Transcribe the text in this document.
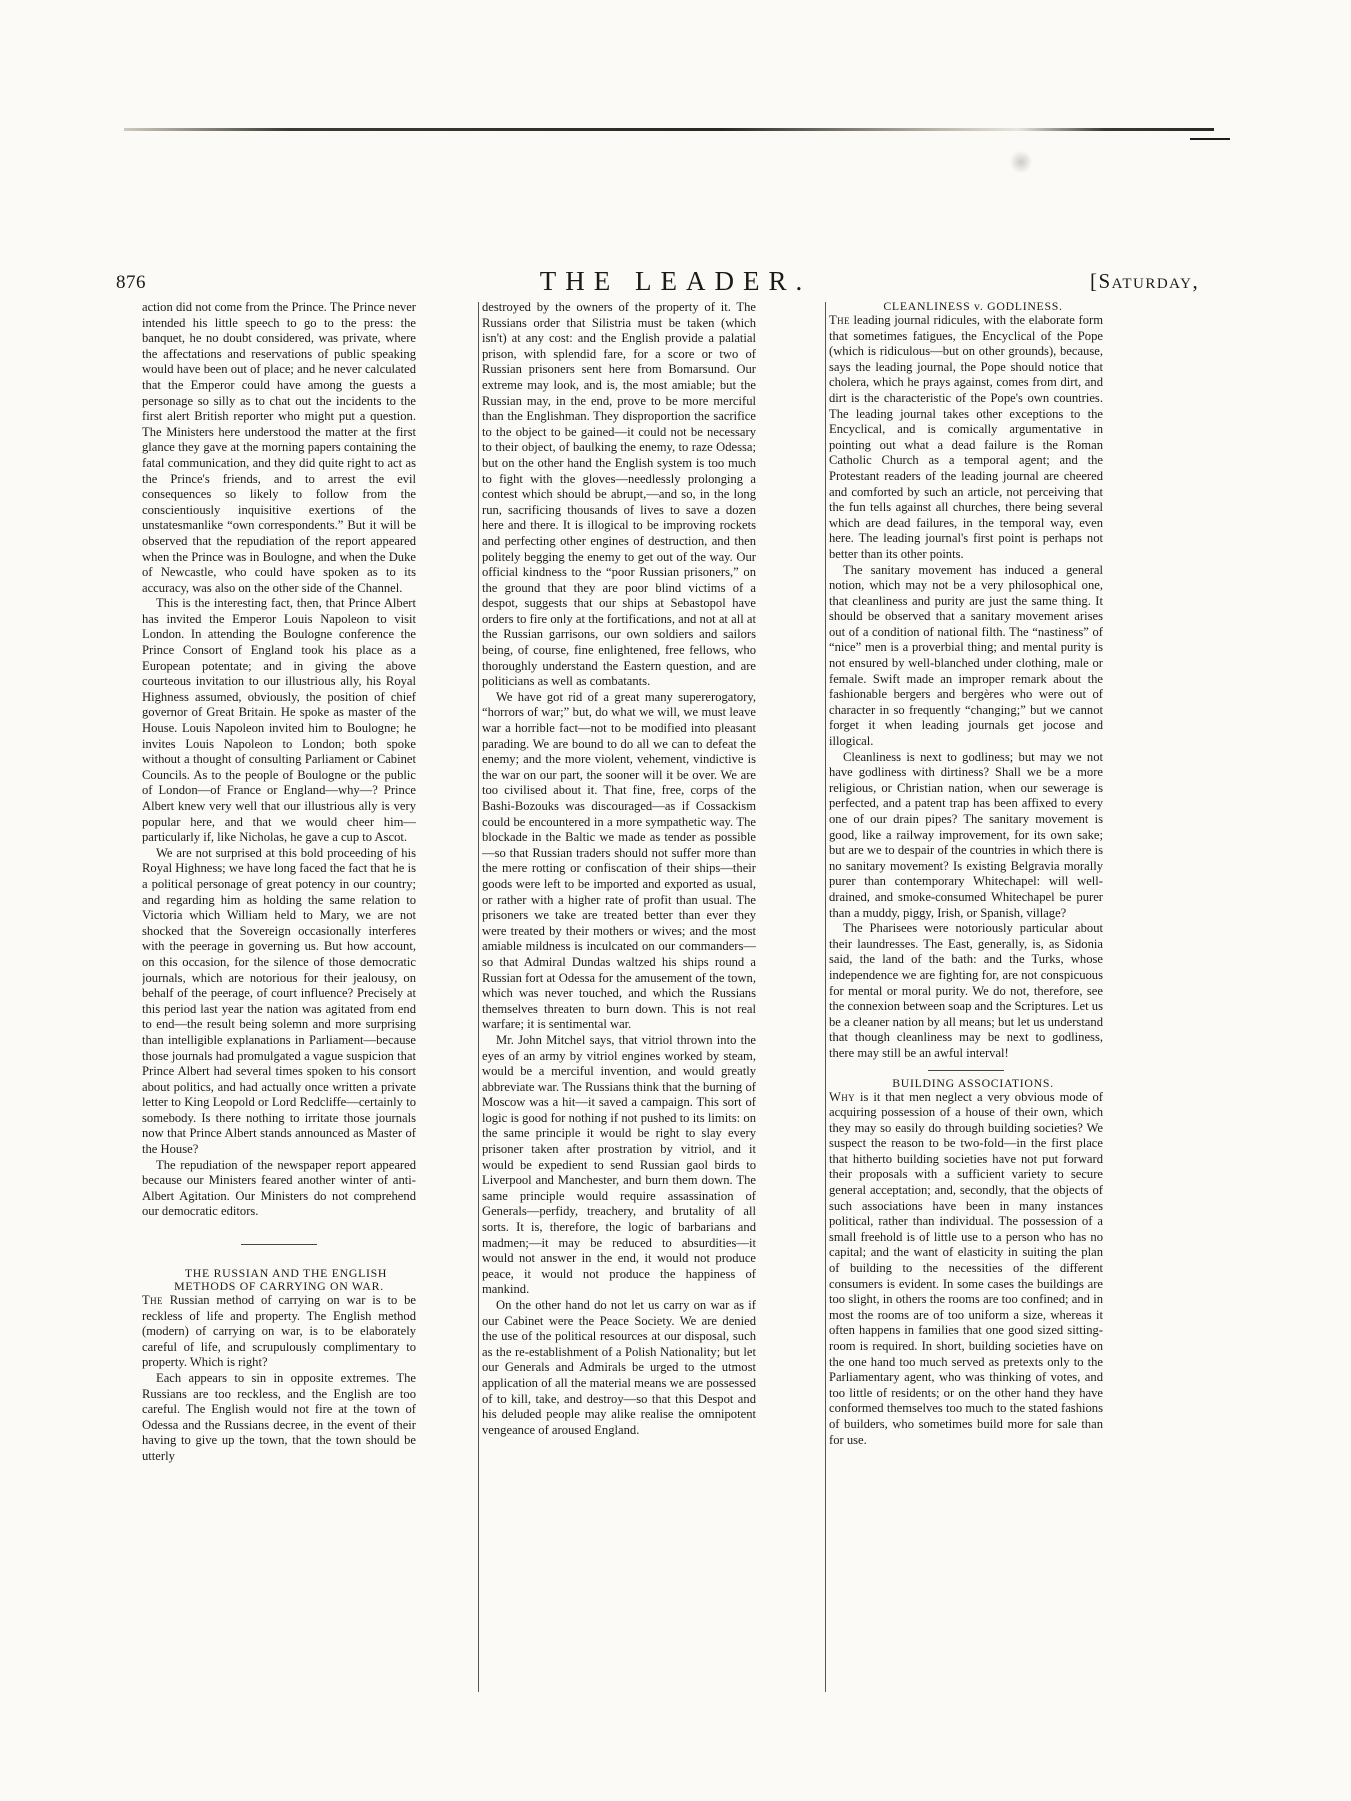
876	THE LEADER.	[Saturday,

action did not come from the Prince. The Prince never intended his little speech to go to the press: the banquet, he no doubt considered, was private, where the affectations and reservations of public speaking would have been out of place; and he never calculated that the Emperor could have among the guests a personage so silly as to chat out the incidents to the first alert British reporter who might put a question. The Ministers here understood the matter at the first glance they gave at the morning papers containing the fatal communication, and they did quite right to act as the Prince's friends, and to arrest the evil consequences so likely to follow from the conscientiously inquisitive exertions of the unstatesmanlike “own correspondents.” But it will be observed that the repudiation of the report appeared when the Prince was in Boulogne, and when the Duke of Newcastle, who could have spoken as to its accuracy, was also on the other side of the Channel.

This is the interesting fact, then, that Prince Albert has invited the Emperor Louis Napoleon to visit London. In attending the Boulogne conference the Prince Consort of England took his place as a European potentate; and in giving the above courteous invitation to our illustrious ally, his Royal Highness assumed, obviously, the position of chief governor of Great Britain. He spoke as master of the House. Louis Napoleon invited him to Boulogne; he invites Louis Napoleon to London; both spoke without a thought of consulting Parliament or Cabinet Councils. As to the people of Boulogne or the public of London—of France or England—why—? Prince Albert knew very well that our illustrious ally is very popular here, and that we would cheer him—particularly if, like Nicholas, he gave a cup to Ascot.

We are not surprised at this bold proceeding of his Royal Highness; we have long faced the fact that he is a political personage of great potency in our country; and regarding him as holding the same relation to Victoria which William held to Mary, we are not shocked that the Sovereign occasionally interferes with the peerage in governing us. But how account, on this occasion, for the silence of those democratic journals, which are notorious for their jealousy, on behalf of the peerage, of court influence? Precisely at this period last year the nation was agitated from end to end—the result being solemn and more surprising than intelligible explanations in Parliament—because those journals had promulgated a vague suspicion that Prince Albert had several times spoken to his consort about politics, and had actually once written a private letter to King Leopold or Lord Redcliffe—certainly to somebody. Is there nothing to irritate those journals now that Prince Albert stands announced as Master of the House?

The repudiation of the newspaper report appeared because our Ministers feared another winter of anti-Albert Agitation. Our Ministers do not comprehend our democratic editors.

THE RUSSIAN AND THE ENGLISH METHODS OF CARRYING ON WAR.

The Russian method of carrying on war is to be reckless of life and property. The English method (modern) of carrying on war, is to be elaborately careful of life, and scrupulously complimentary to property. Which is right?

Each appears to sin in opposite extremes. The Russians are too reckless, and the English are too careful. The English would not fire at the town of Odessa and the Russians decree, in the event of their having to give up the town, that the town should be utterly

destroyed by the owners of the property of it. The Russians order that Silistria must be taken (which isn't) at any cost: and the English provide a palatial prison, with splendid fare, for a score or two of Russian prisoners sent here from Bomarsund. Our extreme may look, and is, the most amiable; but the Russian may, in the end, prove to be more merciful than the Englishman. They disproportion the sacrifice to the object to be gained—it could not be necessary to their object, of baulking the enemy, to raze Odessa; but on the other hand the English system is too much to fight with the gloves—needlessly prolonging a contest which should be abrupt,—and so, in the long run, sacrificing thousands of lives to save a dozen here and there. It is illogical to be improving rockets and perfecting other engines of destruction, and then politely begging the enemy to get out of the way. Our official kindness to the “poor Russian prisoners,” on the ground that they are poor blind victims of a despot, suggests that our ships at Sebastopol have orders to fire only at the fortifications, and not at all at the Russian garrisons, our own soldiers and sailors being, of course, fine enlightened, free fellows, who thoroughly understand the Eastern question, and are politicians as well as combatants.

We have got rid of a great many supererogatory, “horrors of war;” but, do what we will, we must leave war a horrible fact—not to be modified into pleasant parading. We are bound to do all we can to defeat the enemy; and the more violent, vehement, vindictive is the war on our part, the sooner will it be over. We are too civilised about it. That fine, free, corps of the Bashi-Bozouks was discouraged—as if Cossackism could be encountered in a more sympathetic way. The blockade in the Baltic we made as tender as possible—so that Russian traders should not suffer more than the mere rotting or confiscation of their ships—their goods were left to be imported and exported as usual, or rather with a higher rate of profit than usual. The prisoners we take are treated better than ever they were treated by their mothers or wives; and the most amiable mildness is inculcated on our commanders—so that Admiral Dundas waltzed his ships round a Russian fort at Odessa for the amusement of the town, which was never touched, and which the Russians themselves threaten to burn down. This is not real warfare; it is sentimental war.

Mr. John Mitchel says, that vitriol thrown into the eyes of an army by vitriol engines worked by steam, would be a merciful invention, and would greatly abbreviate war. The Russians think that the burning of Moscow was a hit—it saved a campaign. This sort of logic is good for nothing if not pushed to its limits: on the same principle it would be right to slay every prisoner taken after prostration by vitriol, and it would be expedient to send Russian gaol birds to Liverpool and Manchester, and burn them down. The same principle would require assassination of Generals—perfidy, treachery, and brutality of all sorts. It is, therefore, the logic of barbarians and madmen;—it may be reduced to absurdities—it would not answer in the end, it would not produce peace, it would not produce the happiness of mankind.

On the other hand do not let us carry on war as if our Cabinet were the Peace Society. We are denied the use of the political resources at our disposal, such as the re-establishment of a Polish Nationality; but let our Generals and Admirals be urged to the utmost application of all the material means we are possessed of to kill, take, and destroy—so that this Despot and his deluded people may alike realise the omnipotent vengeance of aroused England.

CLEANLINESS v. GODLINESS.

The leading journal ridicules, with the elaborate form that sometimes fatigues, the Encyclical of the Pope (which is ridiculous—but on other grounds), because, says the leading journal, the Pope should notice that cholera, which he prays against, comes from dirt, and dirt is the characteristic of the Pope's own countries. The leading journal takes other exceptions to the Encyclical, and is comically argumentative in pointing out what a dead failure is the Roman Catholic Church as a temporal agent; and the Protestant readers of the leading journal are cheered and comforted by such an article, not perceiving that the fun tells against all churches, there being several which are dead failures, in the temporal way, even here. The leading journal's first point is perhaps not better than its other points.

The sanitary movement has induced a general notion, which may not be a very philosophical one, that cleanliness and purity are just the same thing. It should be observed that a sanitary movement arises out of a condition of national filth. The “nastiness” of “nice” men is a proverbial thing; and mental purity is not ensured by well-blanched under clothing, male or female. Swift made an improper remark about the fashionable bergers and bergères who were out of character in so frequently “changing;” but we cannot forget it when leading journals get jocose and illogical.

Cleanliness is next to godliness; but may we not have godliness with dirtiness? Shall we be a more religious, or Christian nation, when our sewerage is perfected, and a patent trap has been affixed to every one of our drain pipes? The sanitary movement is good, like a railway improvement, for its own sake; but are we to despair of the countries in which there is no sanitary movement? Is existing Belgravia morally purer than contemporary Whitechapel: will well-drained, and smoke-consumed Whitechapel be purer than a muddy, piggy, Irish, or Spanish, village?

The Pharisees were notoriously particular about their laundresses. The East, generally, is, as Sidonia said, the land of the bath: and the Turks, whose independence we are fighting for, are not conspicuous for mental or moral purity. We do not, therefore, see the connexion between soap and the Scriptures. Let us be a cleaner nation by all means; but let us understand that though cleanliness may be next to godliness, there may still be an awful interval!

BUILDING ASSOCIATIONS.

Why is it that men neglect a very obvious mode of acquiring possession of a house of their own, which they may so easily do through building societies? We suspect the reason to be two-fold—in the first place that hitherto building societies have not put forward their proposals with a sufficient variety to secure general acceptation; and, secondly, that the objects of such associations have been in many instances political, rather than individual. The possession of a small freehold is of little use to a person who has no capital; and the want of elasticity in suiting the plan of building to the necessities of the different consumers is evident. In some cases the buildings are too slight, in others the rooms are too confined; and in most the rooms are of too uniform a size, whereas it often happens in families that one good sized sitting-room is required. In short, building societies have on the one hand too much served as pretexts only to the Parliamentary agent, who was thinking of votes, and too little of residents; or on the other hand they have conformed themselves too much to the stated fashions of builders, who sometimes build more for sale than for use.
